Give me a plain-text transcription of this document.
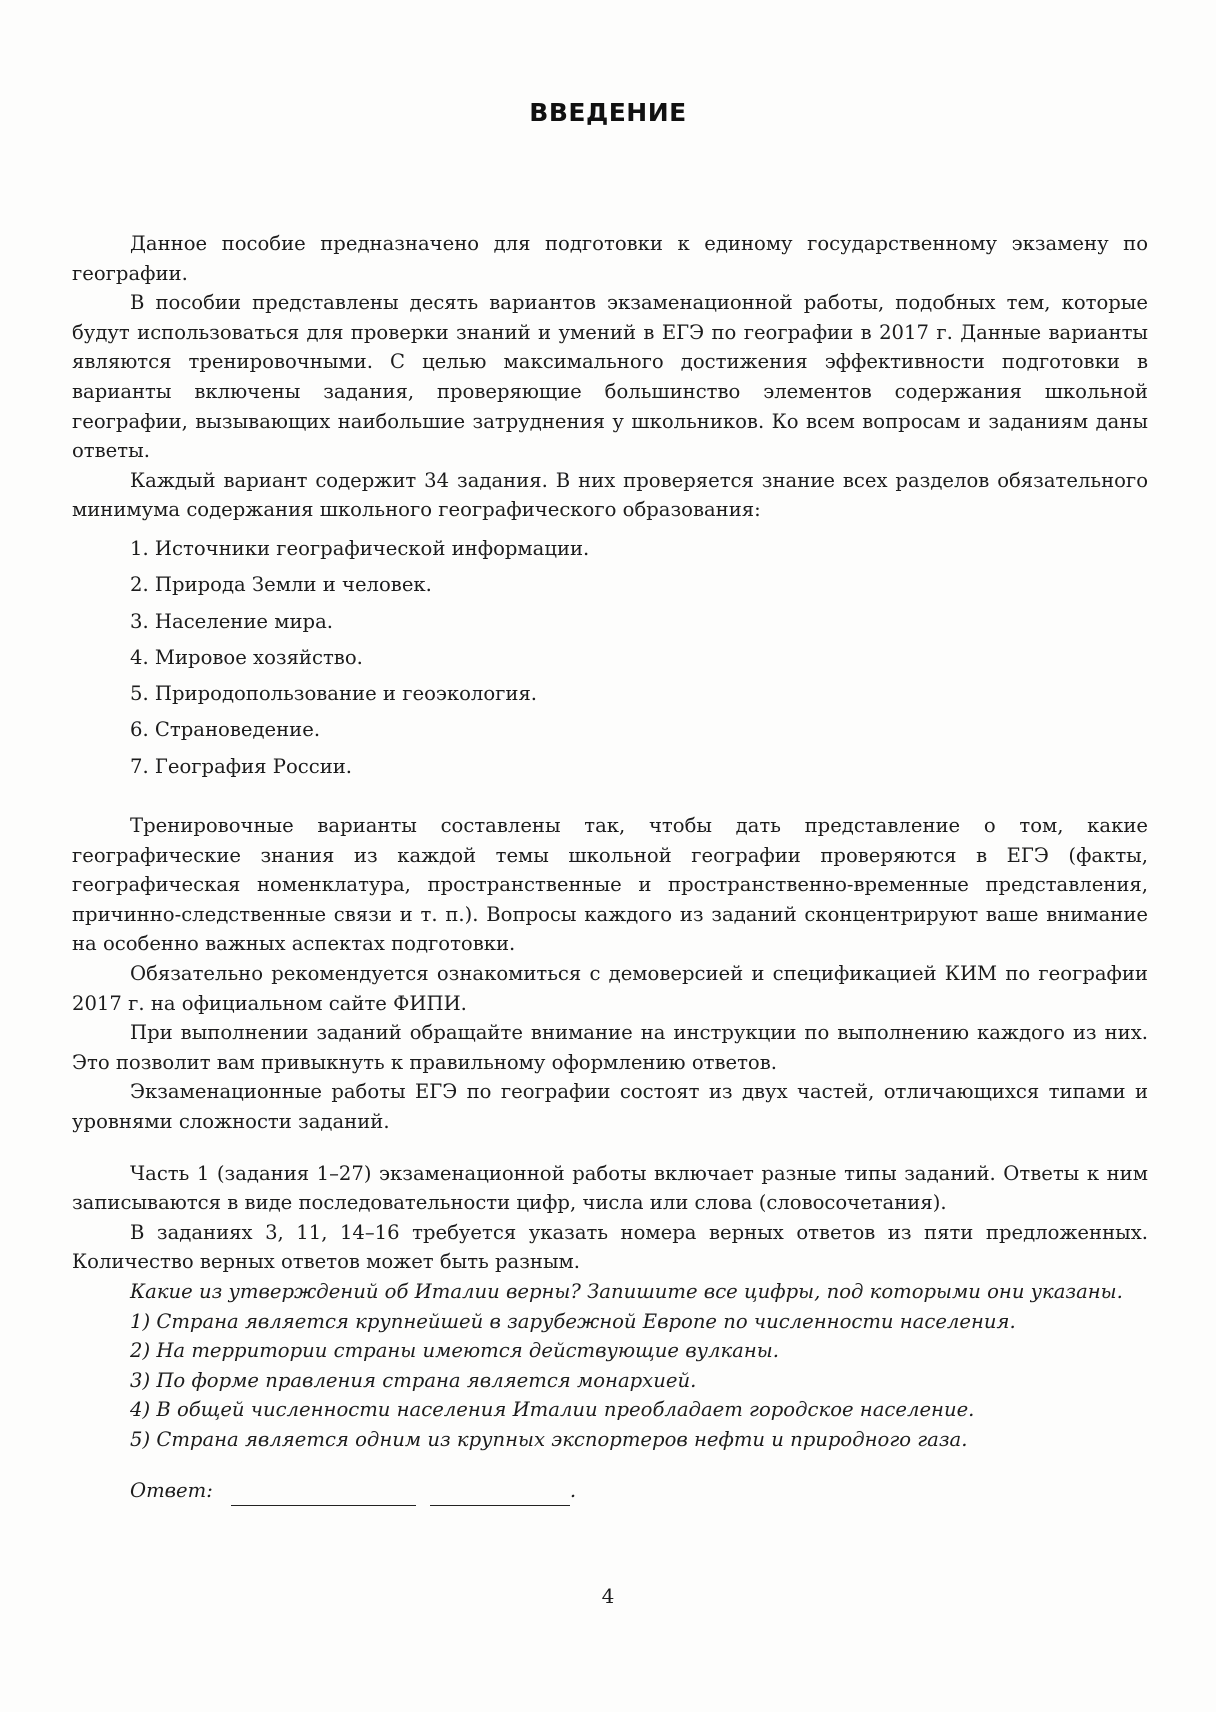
ВВЕДЕНИЕ

Данное пособие предназначено для подготовки к единому государственному экзамену по географии.

В пособии представлены десять вариантов экзаменационной работы, подобных тем, которые будут использоваться для проверки знаний и умений в ЕГЭ по географии в 2017 г. Данные варианты являются тренировочными. С целью максимального достижения эффективности подготовки в варианты включены задания, проверяющие большинство элементов содержания школьной географии, вызывающих наибольшие затруднения у школьников. Ко всем вопросам и заданиям даны ответы.

Каждый вариант содержит 34 задания. В них проверяется знание всех разделов обязательного минимума содержания школьного географического образования:

1. Источники географической информации.
2. Природа Земли и человек.
3. Население мира.
4. Мировое хозяйство.
5. Природопользование и геоэкология.
6. Страноведение.
7. География России.

Тренировочные варианты составлены так, чтобы дать представление о том, какие географические знания из каждой темы школьной географии проверяются в ЕГЭ (факты, географическая номенклатура, пространственные и пространственно-временные представления, причинно-следственные связи и т. п.). Вопросы каждого из заданий сконцентрируют ваше внимание на особенно важных аспектах подготовки.

Обязательно рекомендуется ознакомиться с демоверсией и спецификацией КИМ по географии 2017 г. на официальном сайте ФИПИ.

При выполнении заданий обращайте внимание на инструкции по выполнению каждого из них. Это позволит вам привыкнуть к правильному оформлению ответов.

Экзаменационные работы ЕГЭ по географии состоят из двух частей, отличающихся типами и уровнями сложности заданий.

Часть 1 (задания 1–27) экзаменационной работы включает разные типы заданий. Ответы к ним записываются в виде последовательности цифр, числа или слова (словосочетания).

В заданиях 3, 11, 14–16 требуется указать номера верных ответов из пяти предложенных. Количество верных ответов может быть разным.

Какие из утверждений об Италии верны? Запишите все цифры, под которыми они указаны.

1) Страна является крупнейшей в зарубежной Европе по численности населения.
2) На территории страны имеются действующие вулканы.
3) По форме правления страна является монархией.
4) В общей численности населения Италии преобладает городское население.
5) Страна является одним из крупных экспортеров нефти и природного газа.
Ответ:	.
4
